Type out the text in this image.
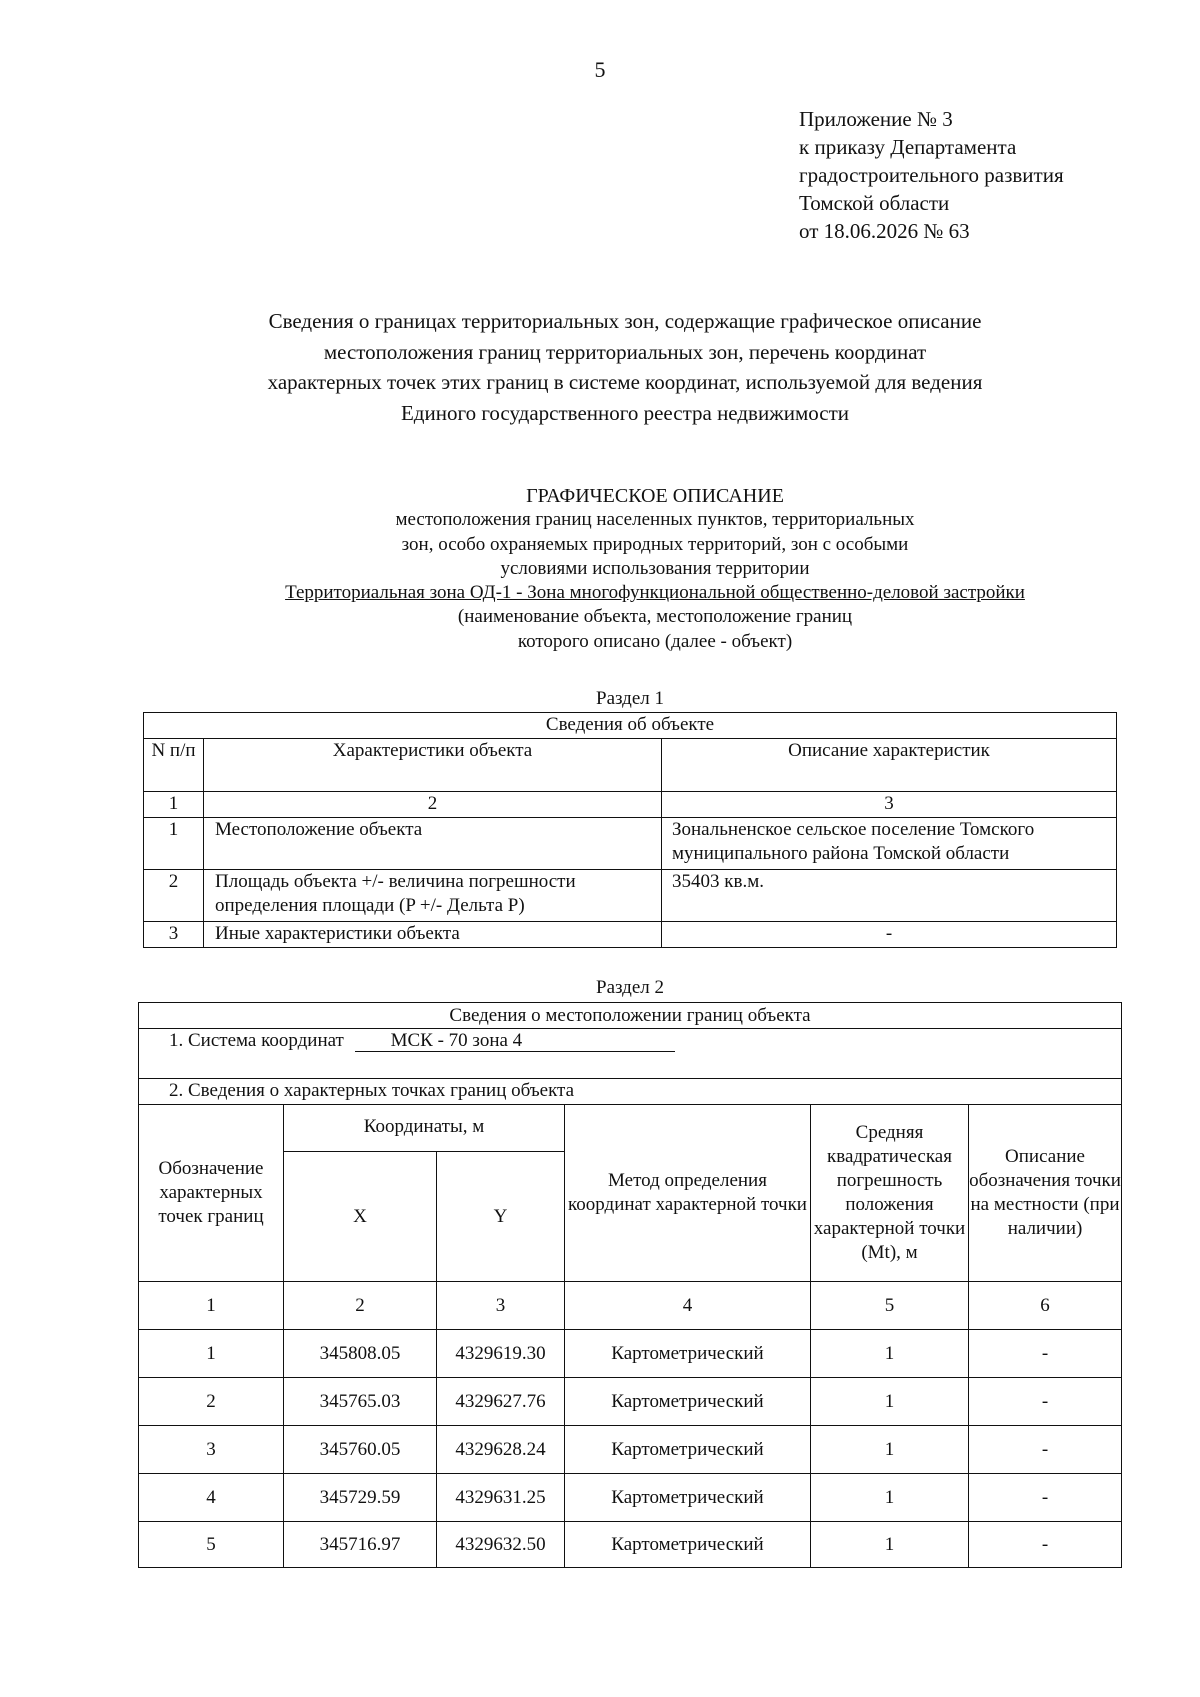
5
Приложение № 3
к приказу Департамента
градостроительного развития
Томской области
от 18.06.2026 № 63
Сведения о границах территориальных зон, содержащие графическое описание
местоположения границ территориальных зон, перечень координат
характерных точек этих границ в системе координат, используемой для ведения
Единого государственного реестра недвижимости
ГРАФИЧЕСКОЕ ОПИСАНИЕ
местоположения границ населенных пунктов, территориальных
зон, особо охраняемых природных территорий, зон с особыми
условиями использования территории
Территориальная зона ОД-1 - Зона многофункциональной общественно-деловой застройки
(наименование объекта, местоположение границ
которого описано (далее - объект)
Раздел 1
Сведения об объекте		
N п/п	Характеристики объекта	Описание характеристик
1	2	3
1	Местоположение объекта	Зональненское сельское поселение Томского муниципального района Томской области
2	Площадь объекта +/- величина погрешности определения площади (P +/- Дельта P)	35403 кв.м.
3	Иные характеристики объекта	-
Раздел 2
Сведения о местоположении границ объекта					
1. Система координат МСК - 70 зона 4					
2. Сведения о характерных точках границ объекта					
Обозначение характерных точек границ	Координаты, м		Метод определения координат характерной точки	Средняя квадратическая погрешность положения характерной точки (Mt), м	Описание обозначения точки на местности (при наличии)
	X	Y			
1	2	3	4	5	6
1	345808.05	4329619.30	Картометрический	1	-
2	345765.03	4329627.76	Картометрический	1	-
3	345760.05	4329628.24	Картометрический	1	-
4	345729.59	4329631.25	Картометрический	1	-
5	345716.97	4329632.50	Картометрический	1	-
